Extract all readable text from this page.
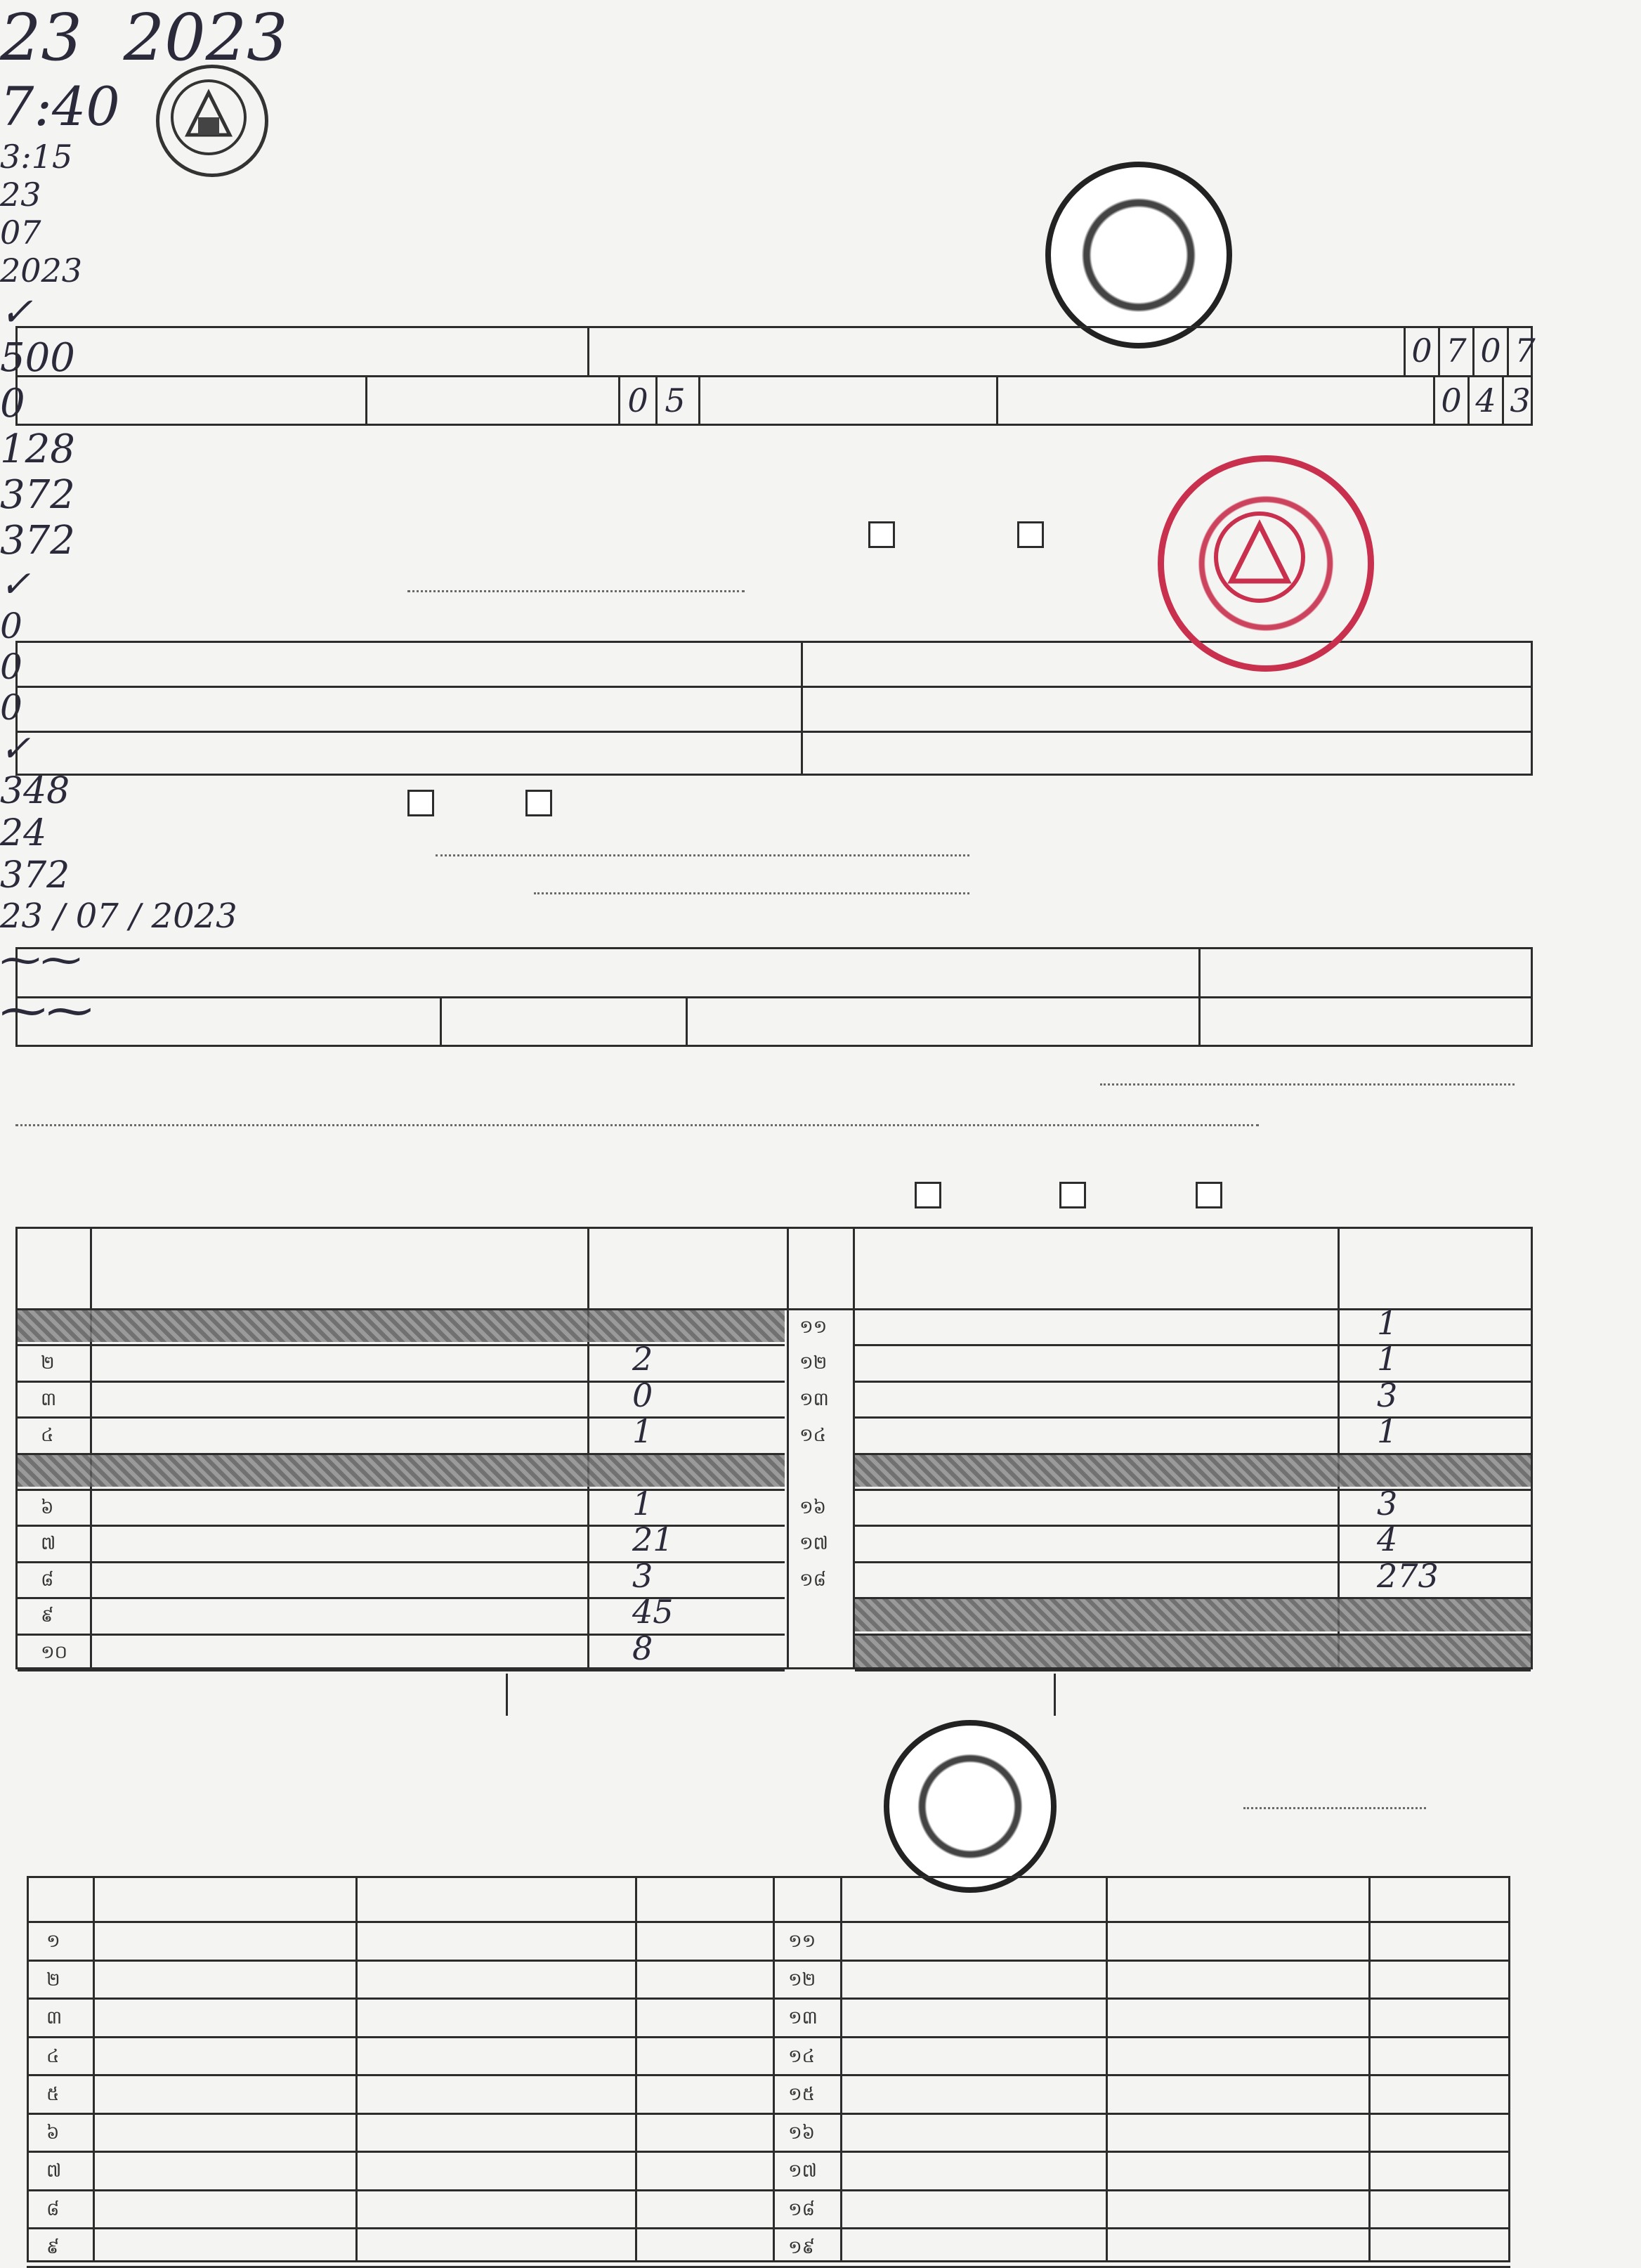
23 2023
7:40
0 7 0 7
0 5	0 4 3
3:15
23
07
2023
✓
500
0
128
372
372
✓
0
0
0
✓

២	2
៣	0
៤	1
៦	1
៧	21
៨	3
៩	45
១០	8
១១	1
១២	1
១៣	3
១៤	1
១៦	3
១៧	4
១៨	273
348
24
372
23 / 07 / 2023
⁓⁓
⁓⁓
១	១១
២	១២
៣	១៣
៤	១៤
៥	១៥
៦	១៦
៧	១៧
៨	១៨
៩	១៩
